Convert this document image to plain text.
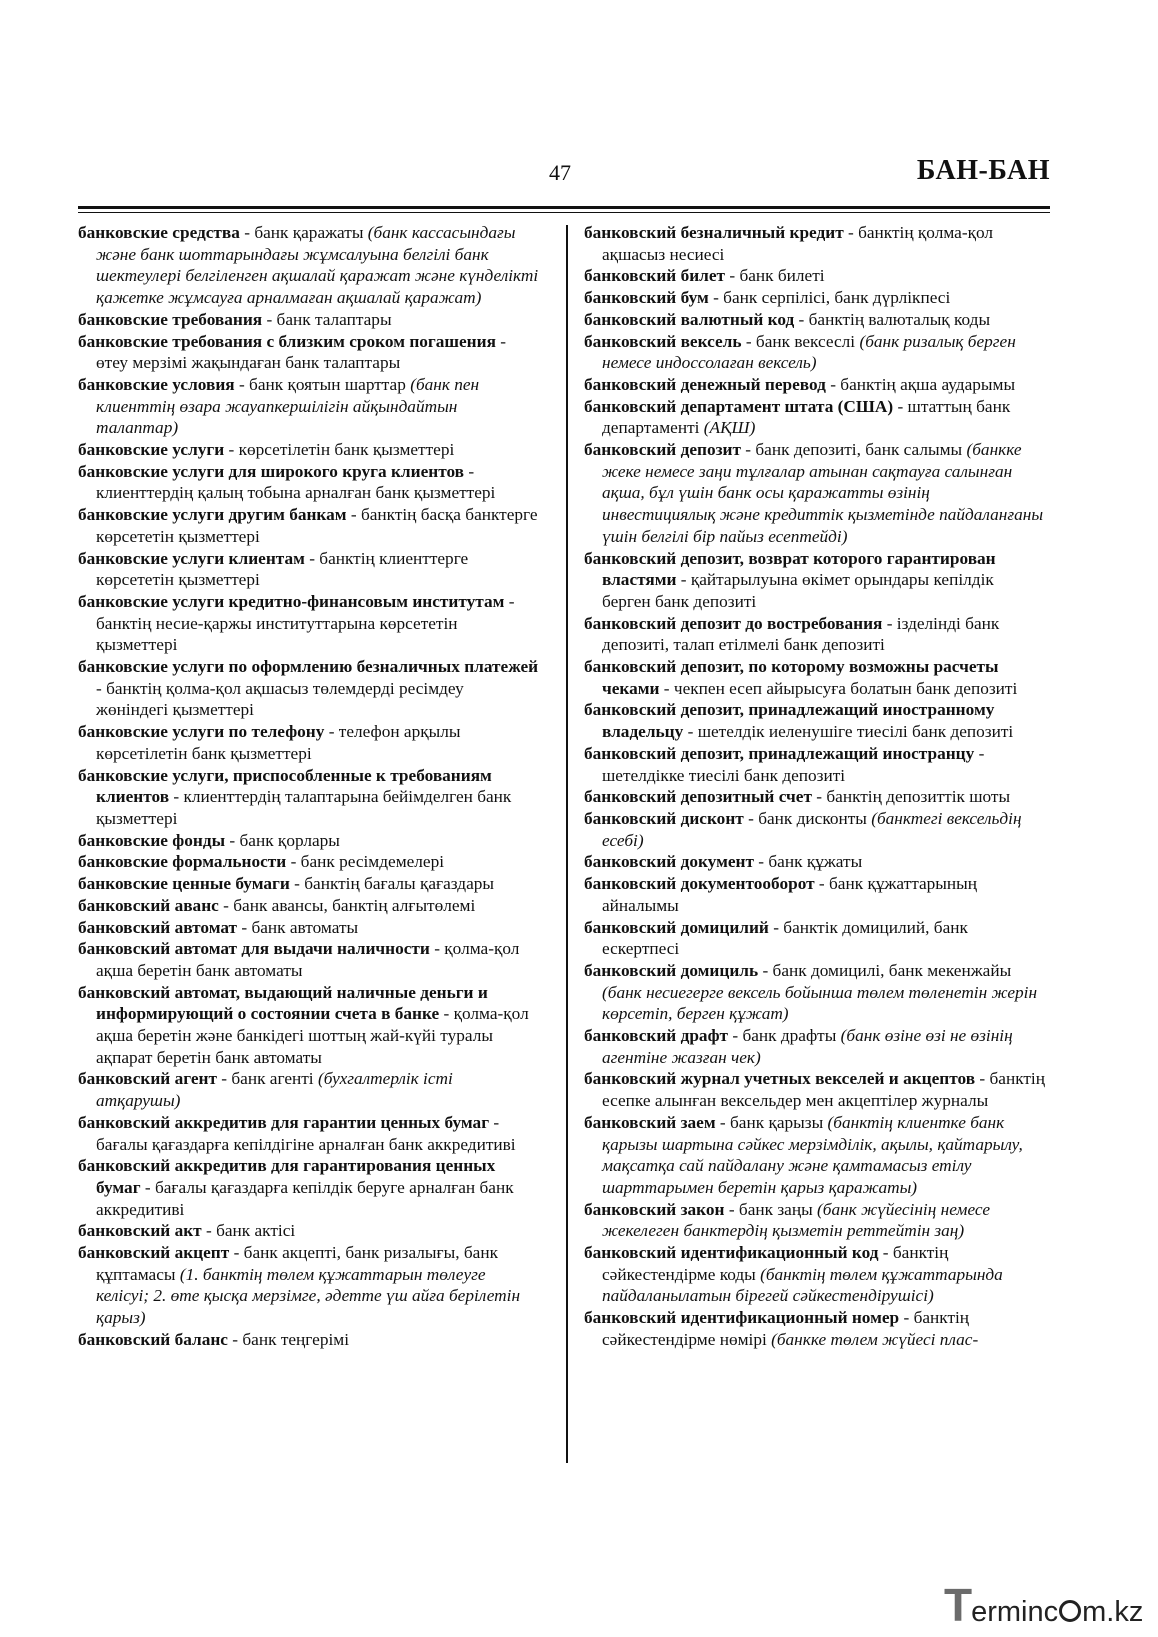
47	БАН-БАН

банковские средства - банк қаражаты (банк кассасындағы және банк шоттарындағы жұмсалуына белгілі банк шектеулері белгіленген ақшалай қаражат және күнделікті қажетке жұмсауға арналмаған ақшалай қаражат)

банковские требования - банк талаптары

банковские требования с близким сроком погашения - өтеу мерзімі жақындаған банк талаптары

банковские условия - банк қоятын шарттар (банк пен клиенттің өзара жауапкершілігін айқындайтын талаптар)

банковские услуги - көрсетілетін банк қызметтері

банковские услуги для широкого круга клиентов - клиенттердің қалың тобына арналған банк қызметтері

банковские услуги другим банкам - банктің басқа банктерге көрсететін қызметтері

банковские услуги клиентам - банктің клиенттерге көрсететін қызметтері

банковские услуги кредитно-финансовым институтам - банктің несие-қаржы институттарына көрсететін қызметтері

банковские услуги по оформлению безналичных платежей - банктің қолма-қол ақшасыз төлемдерді ресімдеу жөніндегі қызметтері

банковские услуги по телефону - телефон арқылы көрсетілетін банк қызметтері

банковские услуги, приспособленные к требованиям клиентов - клиенттердің талаптарына бейімделген банк қызметтері

банковские фонды - банк қорлары

банковские формальности - банк ресімдемелері

банковские ценные бумаги - банктің бағалы қағаздары

банковский аванс - банк авансы, банктің алғытөлемі

банковский автомат - банк автоматы

банковский автомат для выдачи наличности - қолма-қол ақша беретін банк автоматы

банковский автомат, выдающий наличные деньги и информирующий о состоянии счета в банке - қолма-қол ақша беретін және банкідегі шоттың жай-күйі туралы ақпарат беретін банк автоматы

банковский агент - банк агенті (бухгалтерлік істі атқарушы)

банковский аккредитив для гарантии ценных бумаг - бағалы қағаздарға кепілдігіне арналған банк аккредитиві

банковский аккредитив для гарантирования ценных бумаг - бағалы қағаздарға кепілдік беруге арналған банк аккредитиві

банковский акт - банк актісі

банковский акцепт - банк акцепті, банк ризалығы, банк құптамасы (1. банктің төлем құжаттарын төлеуге келісуі; 2. өте қысқа мерзімге, әдетте үш айға берілетін қарыз)

банковский баланс - банк теңгерімі

банковский безналичный кредит - банктің қолма-қол ақшасыз несиесі

банковский билет - банк билеті

банковский бум - банк серпілісі, банк дүрлікпесі

банковский валютный код - банктің валюталық коды

банковский вексель - банк вексеслі (банк ризалық берген немесе индоссолаған вексель)

банковский денежный перевод - банктің ақша аударымы

банковский департамент штата (США) - штаттың банк департаменті (АҚШ)

банковский депозит - банк депозиті, банк салымы (банкке жеке немесе заңи тұлғалар атынан сақтауға салынған ақша, бұл үшін банк осы қаражатты өзінің инвестициялық және кредиттік қызметінде пайдаланғаны үшін белгілі бір пайыз есептейді)

банковский депозит, возврат которого гарантирован властями - қайтарылуына өкімет орындары кепілдік берген банк депозиті

банковский депозит до востребования - ізделінді банк депозиті, талап етілмелі банк депозиті

банковский депозит, по которому возможны расчеты чеками - чекпен есеп айырысуға болатын банк депозиті

банковский депозит, принадлежащий иностранному владельцу - шетелдік иеленушіге тиесілі банк депозиті

банковский депозит, принадлежащий иностранцу - шетелдікке тиесілі банк депозиті

банковский депозитный счет - банктің депозиттік шоты

банковский дисконт - банк дисконты (банктегі вексельдің есебі)

банковский документ - банк құжаты

банковский документооборот - банк құжаттарының айналымы

банковский домицилий - банктік домицилий, банк ескертпесі

банковский домициль - банк домицилі, банк мекенжайы (банк несиегерге вексель бойынша төлем төленетін жерін көрсетіп, берген құжат)

банковский драфт - банк драфты (банк өзіне өзі не өзінің агентіне жазған чек)

банковский журнал учетных векселей и акцептов - банктің есепке алынған вексельдер мен акцептілер журналы

банковский заем - банк қарызы (банктің клиентке банк қарызы шартына сәйкес мерзімділік, ақылы, қайтарылу, мақсатқа сай пайдалану және қамтамасыз етілу шарттарымен беретін қарыз қаражаты)

банковский закон - банк заңы (банк жүйесінің немесе жекелеген банктердің қызметін реттейтін заң)

банковский идентификационный код - банктің сәйкестендірме коды (банктің төлем құжаттарында пайдаланылатын бірегей сәйкестендірушісі)

банковский идентификационный номер - банктің сәйкестендірме нөмірі (банкке төлем жүйесі плас-

T erminc m.kz
